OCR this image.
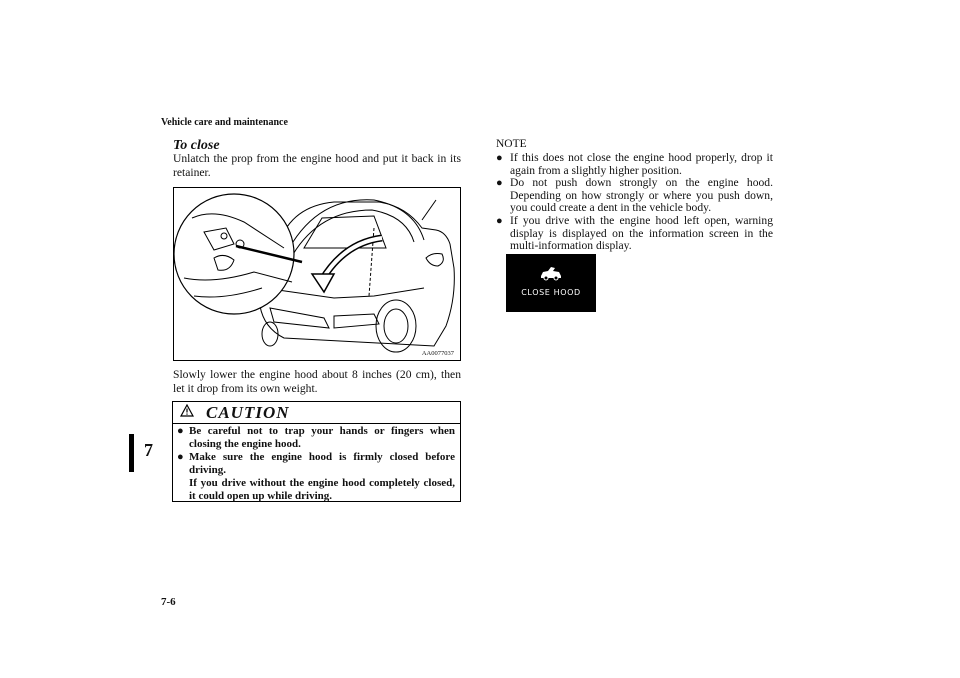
Vehicle care and maintenance
7
7-6
To close
Unlatch the prop from the engine hood and put it back in its retainer.
AA0077037
Slowly lower the engine hood about 8 inches (20 cm), then let it drop from its own weight.
CAUTION
● Be careful not to trap your hands or fingers when closing the engine hood.
● Make sure the engine hood is firmly closed before driving.
If you drive without the engine hood completely closed, it could open up while driving.
NOTE
● If this does not close the engine hood properly, drop it again from a slightly higher position.
● Do not push down strongly on the engine hood. Depending on how strongly or where you push down, you could create a dent in the vehicle body.
● If you drive with the engine hood left open, warning display is displayed on the information screen in the multi-information display.
CLOSE HOOD
